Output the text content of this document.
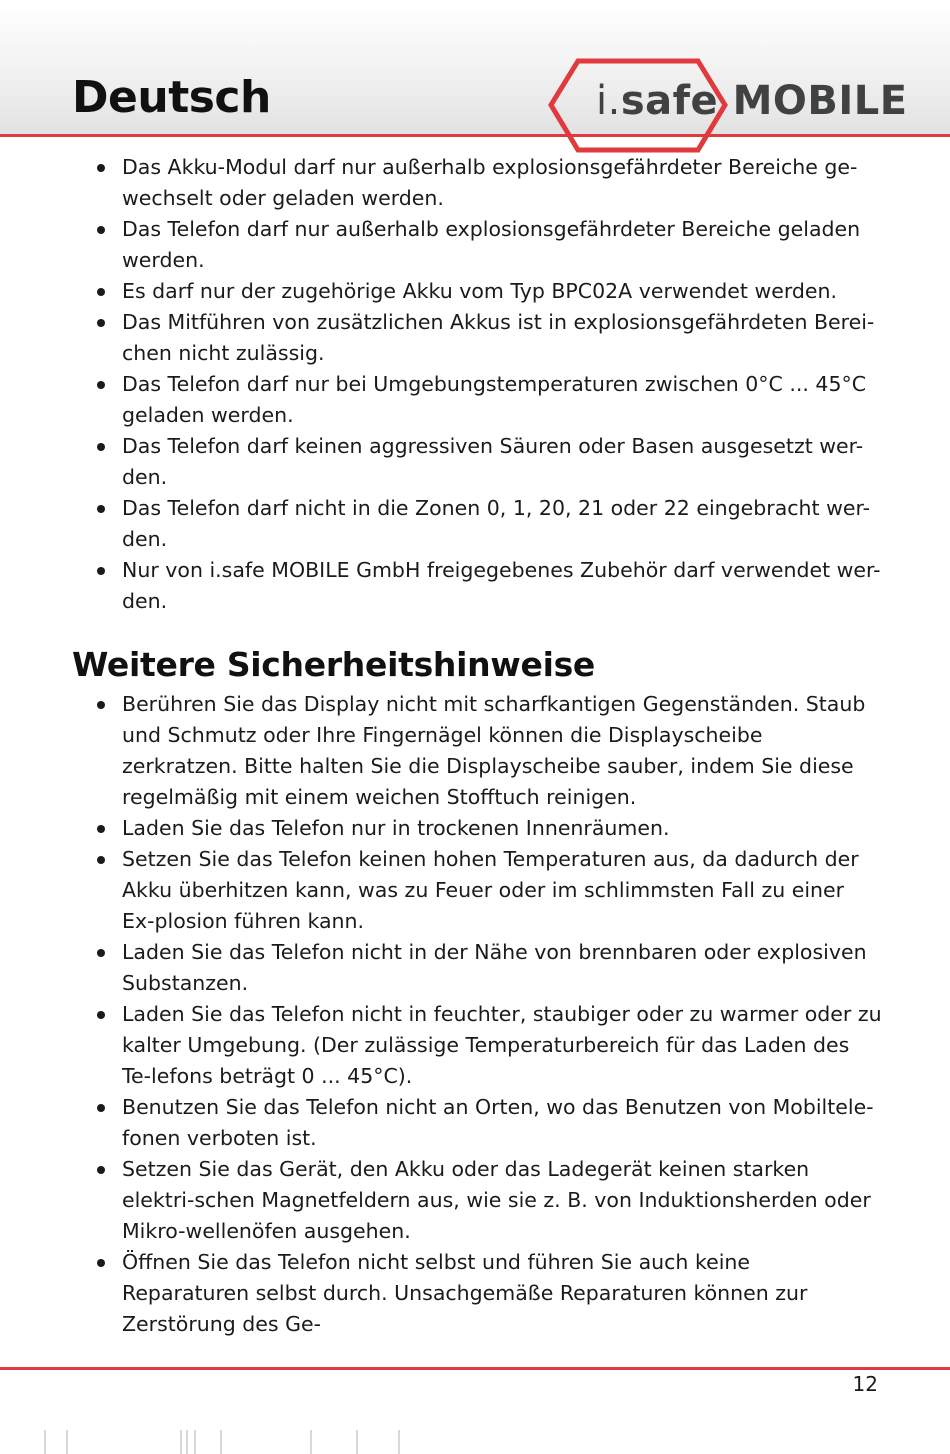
Deutsch	i.safe MOBILE
Das Akku-Modul darf nur außerhalb explosionsgefährdeter Bereiche ge-wechselt oder geladen werden.
Das Telefon darf nur außerhalb explosionsgefährdeter Bereiche geladen werden.
Es darf nur der zugehörige Akku vom Typ BPC02A verwendet werden.
Das Mitführen von zusätzlichen Akkus ist in explosionsgefährdeten Berei-chen nicht zulässig.
Das Telefon darf nur bei Umgebungstemperaturen zwischen 0°C ... 45°C geladen werden.
Das Telefon darf keinen aggressiven Säuren oder Basen ausgesetzt wer-den.
Das Telefon darf nicht in die Zonen 0, 1, 20, 21 oder 22 eingebracht wer-den.
Nur von i.safe MOBILE GmbH freigegebenes Zubehör darf verwendet wer-den.
Weitere Sicherheitshinweise
Berühren Sie das Display nicht mit scharfkantigen Gegenständen. Staub und Schmutz oder Ihre Fingernägel können die Displayscheibe zerkratzen. Bitte halten Sie die Displayscheibe sauber, indem Sie diese regelmäßig mit einem weichen Stofftuch reinigen.
Laden Sie das Telefon nur in trockenen Innenräumen.
Setzen Sie das Telefon keinen hohen Temperaturen aus, da dadurch der Akku überhitzen kann, was zu Feuer oder im schlimmsten Fall zu einer Ex-plosion führen kann.
Laden Sie das Telefon nicht in der Nähe von brennbaren oder explosiven Substanzen.
Laden Sie das Telefon nicht in feuchter, staubiger oder zu warmer oder zu kalter Umgebung. (Der zulässige Temperaturbereich für das Laden des Te-lefons beträgt 0 ... 45°C).
Benutzen Sie das Telefon nicht an Orten, wo das Benutzen von Mobiltele-fonen verboten ist.
Setzen Sie das Gerät, den Akku oder das Ladegerät keinen starken elektri-schen Magnetfeldern aus, wie sie z. B. von Induktionsherden oder Mikro-wellenöfen ausgehen.
Öffnen Sie das Telefon nicht selbst und führen Sie auch keine Reparaturen selbst durch. Unsachgemäße Reparaturen können zur Zerstörung des Ge-
12
